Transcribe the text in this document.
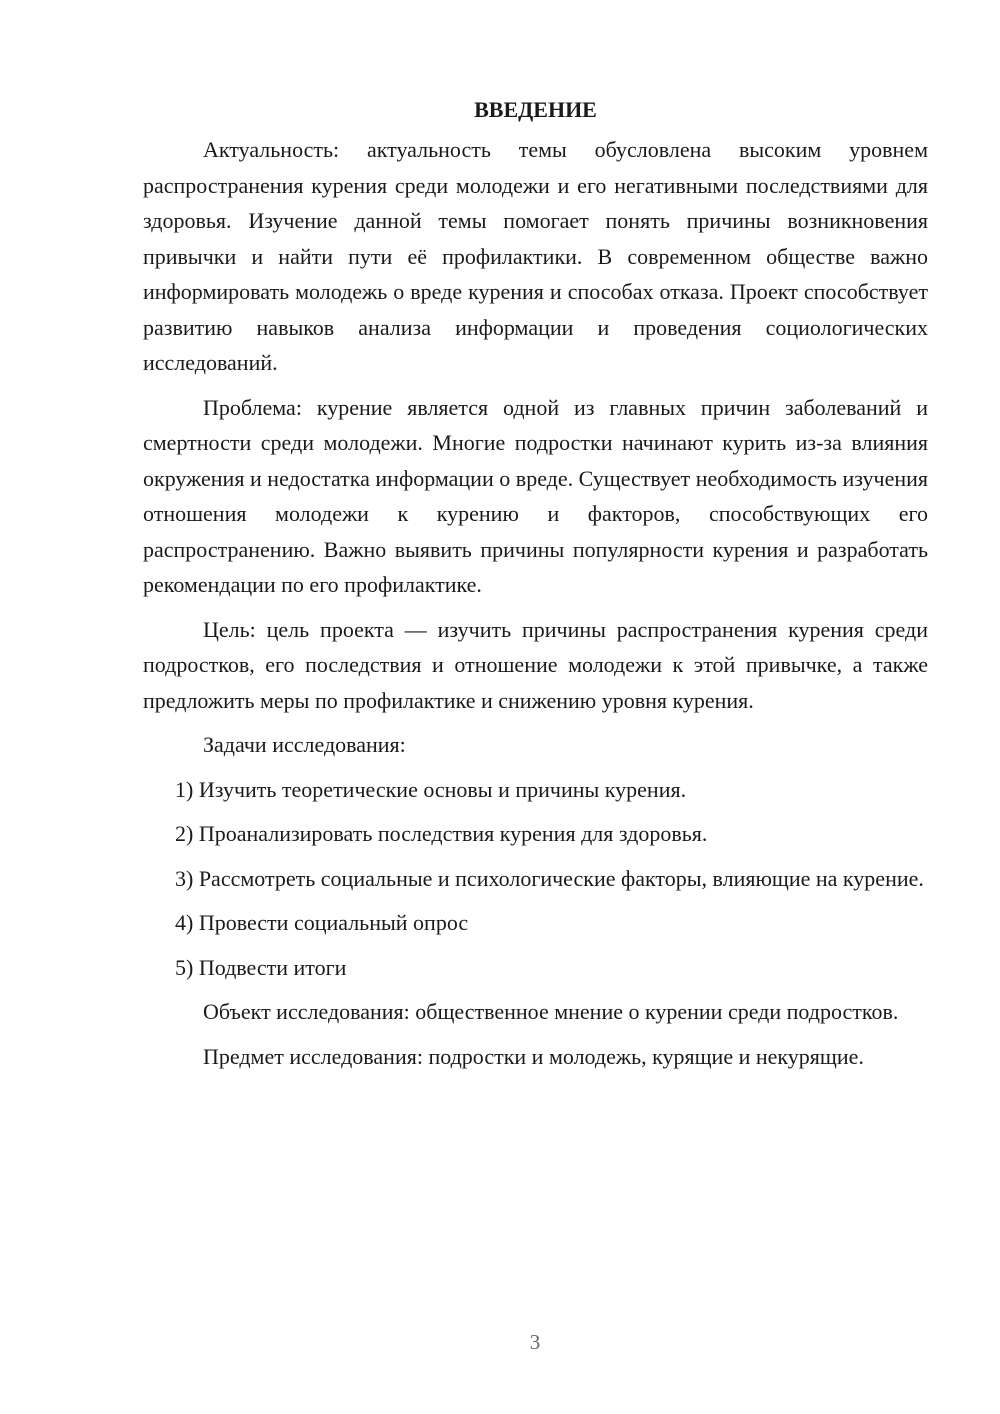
ВВЕДЕНИЕ

Актуальность: актуальность темы обусловлена высоким уровнем распространения курения среди молодежи и его негативными последствиями для здоровья. Изучение данной темы помогает понять причины возникновения привычки и найти пути её профилактики. В современном обществе важно информировать молодежь о вреде курения и способах отказа. Проект способствует развитию навыков анализа информации и проведения социологических исследований.

Проблема: курение является одной из главных причин заболеваний и смертности среди молодежи. Многие подростки начинают курить из-за влияния окружения и недостатка информации о вреде. Существует необходимость изучения отношения молодежи к курению и факторов, способствующих его распространению. Важно выявить причины популярности курения и разработать рекомендации по его профилактике.

Цель: цель проекта — изучить причины распространения курения среди подростков, его последствия и отношение молодежи к этой привычке, а также предложить меры по профилактике и снижению уровня курения.

Задачи исследования:

1) Изучить теоретические основы и причины курения.

2) Проанализировать последствия курения для здоровья.

3) Рассмотреть социальные и психологические факторы, влияющие на курение.

4) Провести социальный опрос

5) Подвести итоги

Объект исследования: общественное мнение о курении среди подростков.

Предмет исследования: подростки и молодежь, курящие и некурящие.

3
